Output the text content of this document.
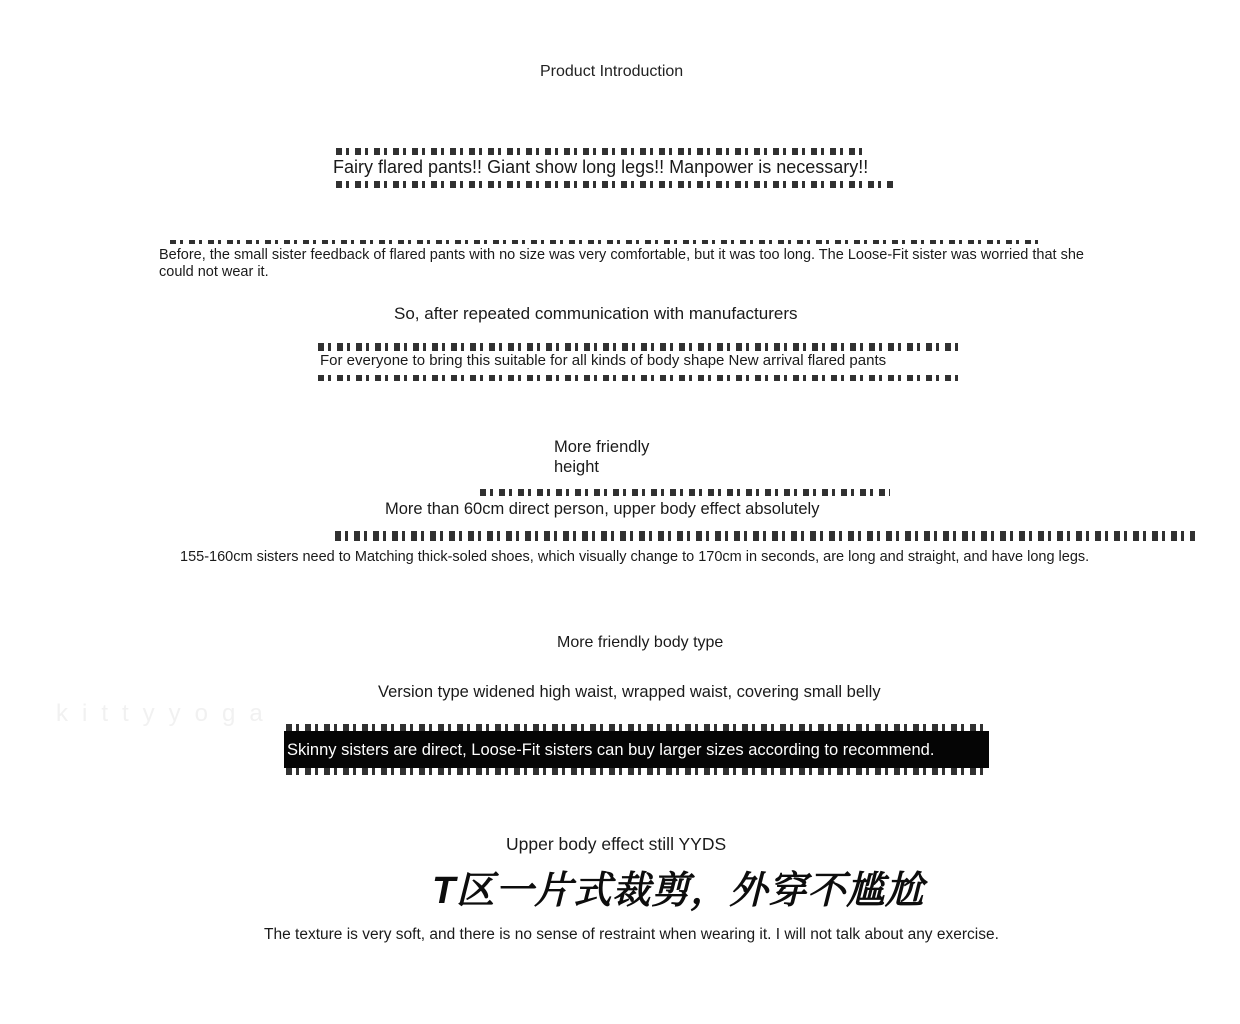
kittyyoga

Product Introduction

Fairy flared pants!! Giant show long legs!! Manpower is necessary!!

Before, the small sister feedback of flared pants with no size was very comfortable, but it was too long. The Loose-Fit sister was worried that she could not wear it.

So, after repeated communication with manufacturers

For everyone to bring this suitable for all kinds of body shape New arrival flared pants

More friendly height

More than 60cm direct person, upper body effect absolutely

155-160cm sisters need to Matching thick-soled shoes, which visually change to 170cm in seconds, are long and straight, and have long legs.

More friendly body type

Version type widened high waist, wrapped waist, covering small belly

Skinny sisters are direct, Loose-Fit sisters can buy larger sizes according to recommend.

Upper body effect still YYDS

T区一片式裁剪，外穿不尴尬

The texture is very soft, and there is no sense of restraint when wearing it. I will not talk about any exercise.
